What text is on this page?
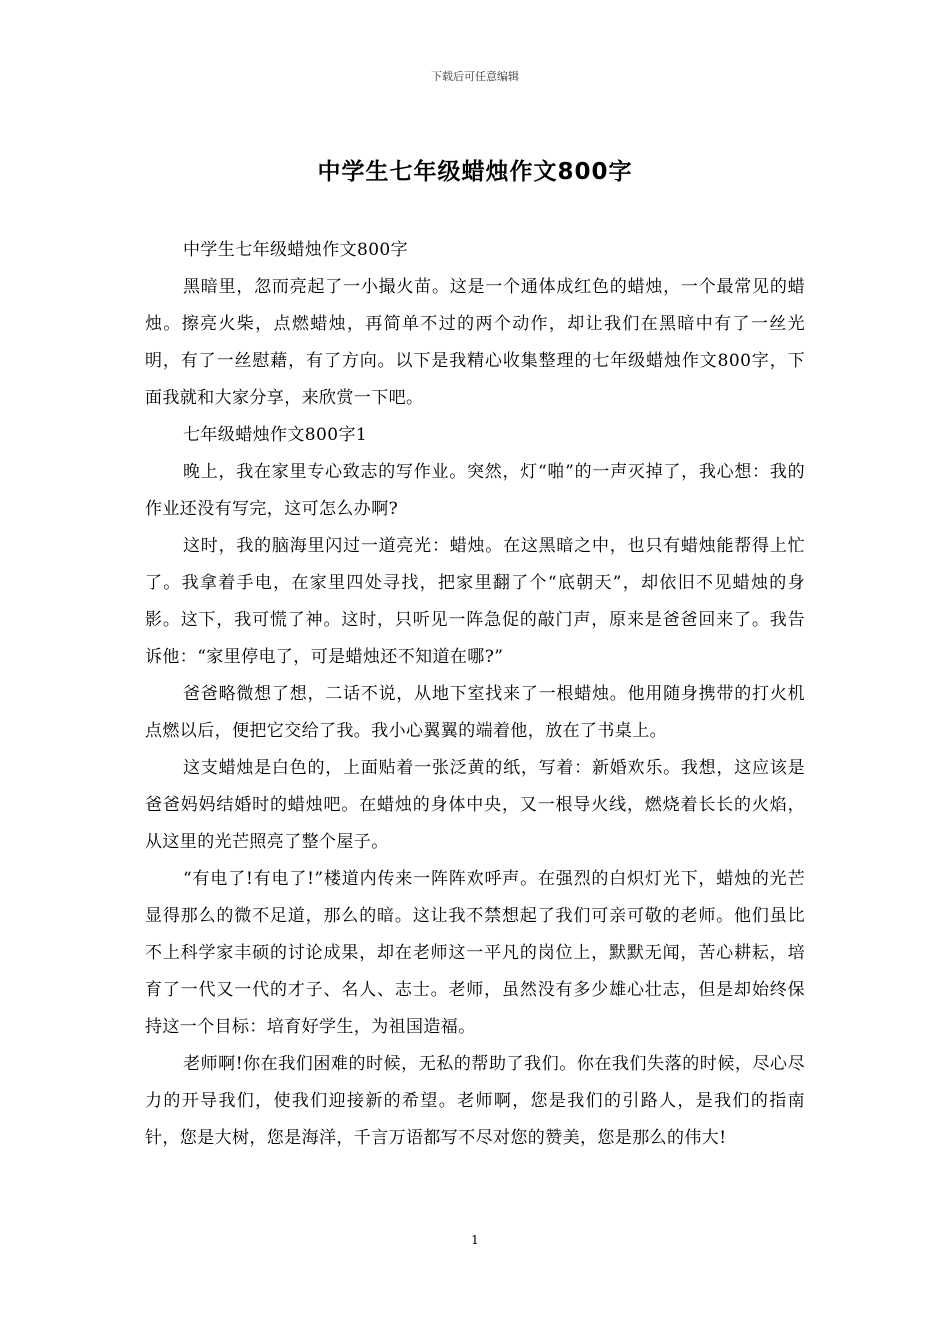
下载后可任意编辑
中学生七年级蜡烛作文800字

中学生七年级蜡烛作文800字

黑暗里，忽而亮起了一小撮火苗。这是一个通体成红色的蜡烛，一个最常见的蜡烛。擦亮火柴，点燃蜡烛，再简单不过的两个动作，却让我们在黑暗中有了一丝光明，有了一丝慰藉，有了方向。以下是我精心收集整理的七年级蜡烛作文800字，下面我就和大家分享，来欣赏一下吧。

七年级蜡烛作文800字1

晚上，我在家里专心致志的写作业。突然，灯“啪”的一声灭掉了，我心想：我的作业还没有写完，这可怎么办啊?

这时，我的脑海里闪过一道亮光：蜡烛。在这黑暗之中，也只有蜡烛能帮得上忙了。我拿着手电，在家里四处寻找，把家里翻了个“底朝天”，却依旧不见蜡烛的身影。这下，我可慌了神。这时，只听见一阵急促的敲门声，原来是爸爸回来了。我告诉他：“家里停电了，可是蜡烛还不知道在哪?”

爸爸略微想了想，二话不说，从地下室找来了一根蜡烛。他用随身携带的打火机点燃以后，便把它交给了我。我小心翼翼的端着他，放在了书桌上。

这支蜡烛是白色的，上面贴着一张泛黄的纸，写着：新婚欢乐。我想，这应该是爸爸妈妈结婚时的蜡烛吧。在蜡烛的身体中央，又一根导火线，燃烧着长长的火焰，从这里的光芒照亮了整个屋子。

“有电了!有电了!”楼道内传来一阵阵欢呼声。在强烈的白炽灯光下，蜡烛的光芒显得那么的微不足道，那么的暗。这让我不禁想起了我们可亲可敬的老师。他们虽比不上科学家丰硕的讨论成果，却在老师这一平凡的岗位上，默默无闻，苦心耕耘，培育了一代又一代的才子、名人、志士。老师，虽然没有多少雄心壮志，但是却始终保持这一个目标：培育好学生，为祖国造福。

老师啊!你在我们困难的时候，无私的帮助了我们。你在我们失落的时候，尽心尽力的开导我们，使我们迎接新的希望。老师啊，您是我们的引路人，是我们的指南针，您是大树，您是海洋，千言万语都写不尽对您的赞美，您是那么的伟大!

1
